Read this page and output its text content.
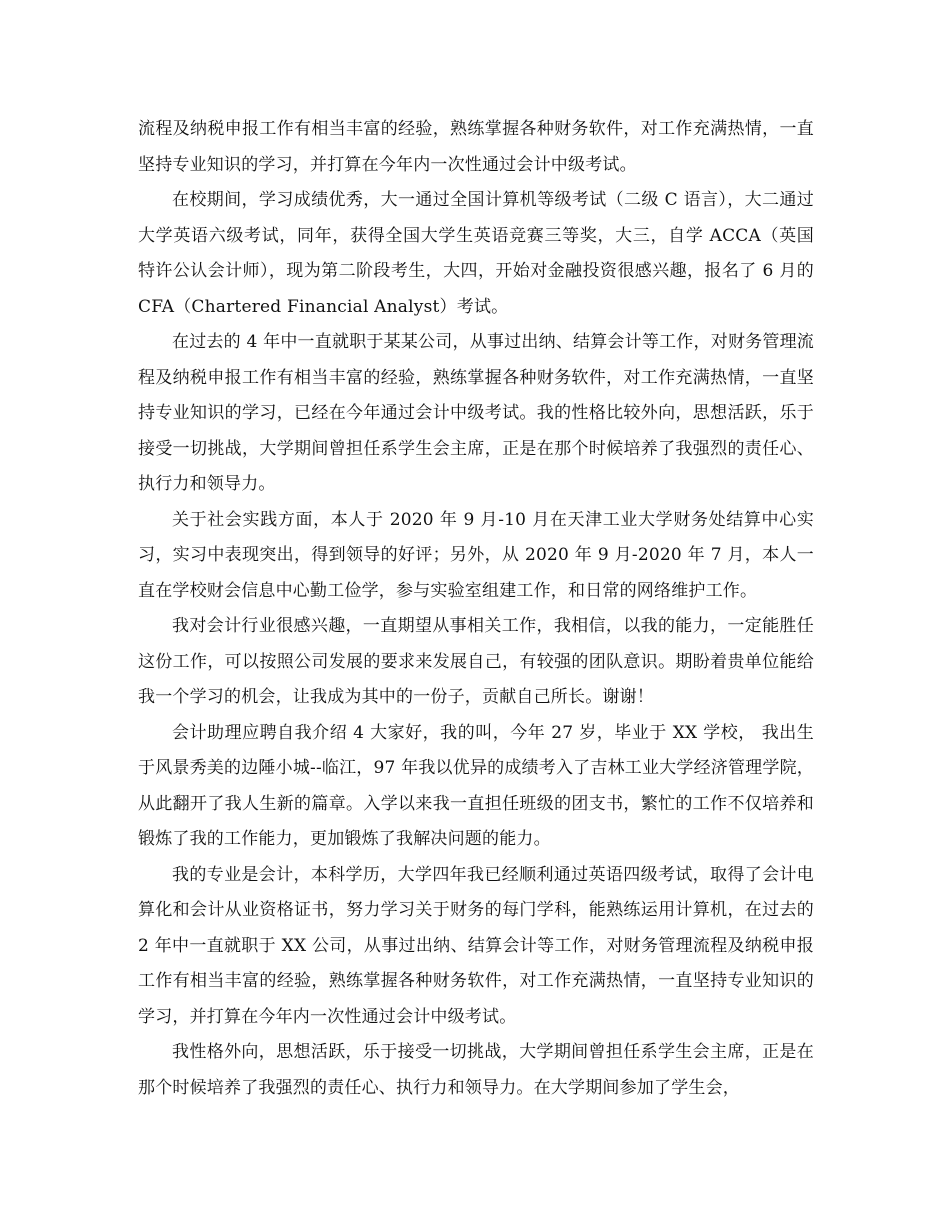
流程及纳税申报工作有相当丰富的经验，熟练掌握各种财务软件，对工作充满热情，一直坚持专业知识的学习，并打算在今年内一次性通过会计中级考试。

在校期间，学习成绩优秀，大一通过全国计算机等级考试（二级 C 语言），大二通过大学英语六级考试，同年，获得全国大学生英语竞赛三等奖，大三，自学 ACCA（英国特许公认会计师），现为第二阶段考生，大四，开始对金融投资很感兴趣，报名了 6 月的 CFA（Chartered Financial Analyst）考试。

在过去的 4 年中一直就职于某某公司，从事过出纳、结算会计等工作，对财务管理流程及纳税申报工作有相当丰富的经验，熟练掌握各种财务软件，对工作充满热情，一直坚持专业知识的学习，已经在今年通过会计中级考试。我的性格比较外向，思想活跃，乐于接受一切挑战，大学期间曾担任系学生会主席，正是在那个时候培养了我强烈的责任心、执行力和领导力。

关于社会实践方面，本人于 2020 年 9 月-10 月在天津工业大学财务处结算中心实习，实习中表现突出，得到领导的好评；另外，从 2020 年 9 月-2020 年 7 月，本人一直在学校财会信息中心勤工俭学，参与实验室组建工作，和日常的网络维护工作。

我对会计行业很感兴趣，一直期望从事相关工作，我相信，以我的能力，一定能胜任这份工作，可以按照公司发展的要求来发展自己，有较强的团队意识。期盼着贵单位能给我一个学习的机会，让我成为其中的一份子，贡献自己所长。谢谢！

会计助理应聘自我介绍 4 大家好，我的叫，今年 27 岁，毕业于 XX 学校， 我出生于风景秀美的边陲小城--临江，97 年我以优异的成绩考入了吉林工业大学经济管理学院，从此翻开了我人生新的篇章。入学以来我一直担任班级的团支书，繁忙的工作不仅培养和锻炼了我的工作能力，更加锻炼了我解决问题的能力。

我的专业是会计，本科学历，大学四年我已经顺利通过英语四级考试，取得了会计电算化和会计从业资格证书，努力学习关于财务的每门学科，能熟练运用计算机，在过去的 2 年中一直就职于 XX 公司，从事过出纳、结算会计等工作，对财务管理流程及纳税申报工作有相当丰富的经验，熟练掌握各种财务软件，对工作充满热情，一直坚持专业知识的学习，并打算在今年内一次性通过会计中级考试。

我性格外向，思想活跃，乐于接受一切挑战，大学期间曾担任系学生会主席，正是在那个时候培养了我强烈的责任心、执行力和领导力。在大学期间参加了学生会，
